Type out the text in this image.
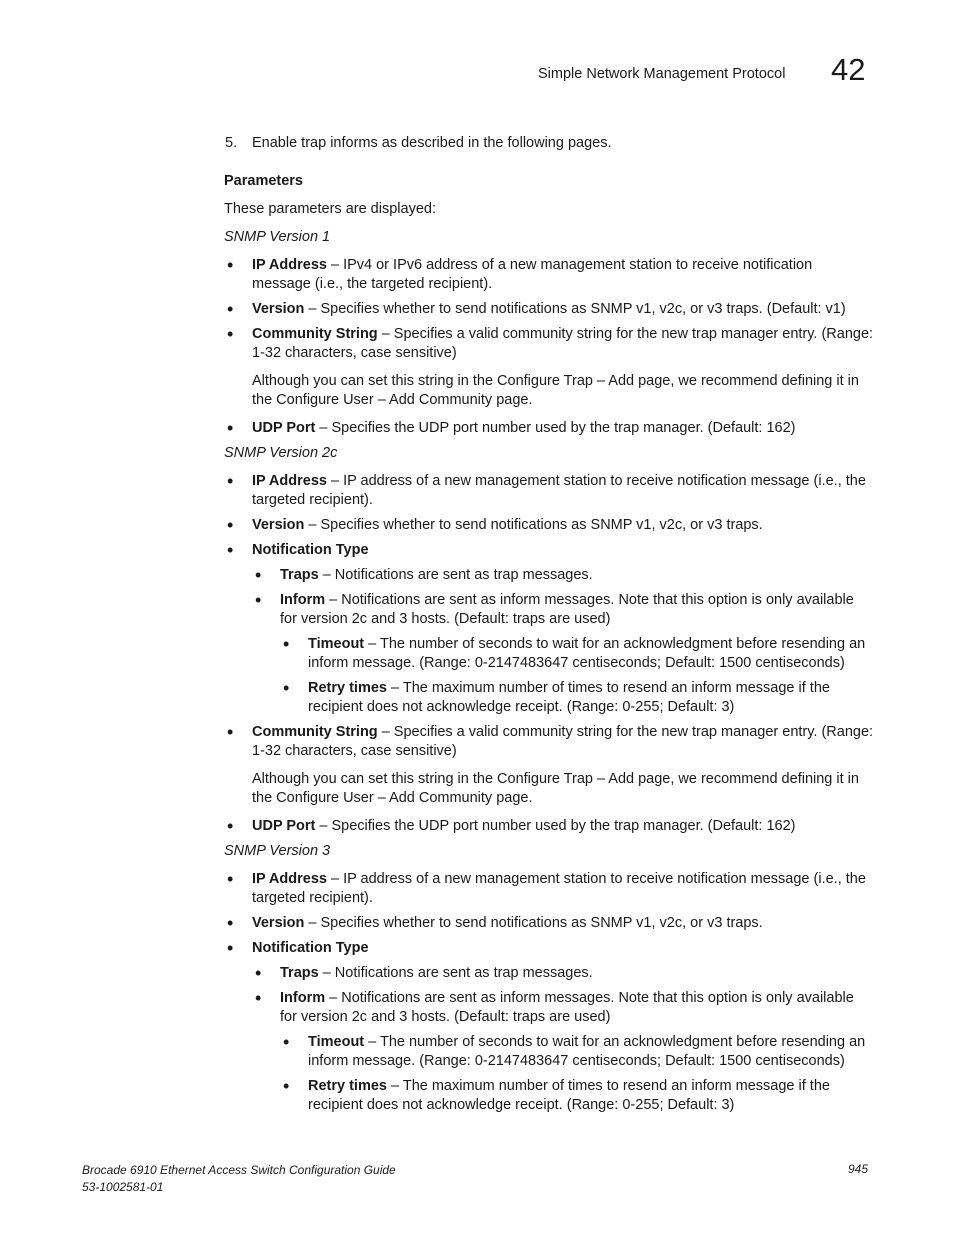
Simple Network Management Protocol 42
5. Enable trap informs as described in the following pages.
Parameters
These parameters are displayed:
SNMP Version 1
• IP Address – IPv4 or IPv6 address of a new management station to receive notification message (i.e., the targeted recipient).
• Version – Specifies whether to send notifications as SNMP v1, v2c, or v3 traps. (Default: v1)
• Community String – Specifies a valid community string for the new trap manager entry. (Range: 1-32 characters, case sensitive)
Although you can set this string in the Configure Trap – Add page, we recommend defining it in the Configure User – Add Community page.
• UDP Port – Specifies the UDP port number used by the trap manager. (Default: 162)
SNMP Version 2c
• IP Address – IP address of a new management station to receive notification message (i.e., the targeted recipient).
• Version – Specifies whether to send notifications as SNMP v1, v2c, or v3 traps.
• Notification Type
• Traps – Notifications are sent as trap messages.
• Inform – Notifications are sent as inform messages. Note that this option is only available for version 2c and 3 hosts. (Default: traps are used)
• Timeout – The number of seconds to wait for an acknowledgment before resending an inform message. (Range: 0-2147483647 centiseconds; Default: 1500 centiseconds)
• Retry times – The maximum number of times to resend an inform message if the recipient does not acknowledge receipt. (Range: 0-255; Default: 3)
• Community String – Specifies a valid community string for the new trap manager entry. (Range: 1-32 characters, case sensitive)
Although you can set this string in the Configure Trap – Add page, we recommend defining it in the Configure User – Add Community page.
• UDP Port – Specifies the UDP port number used by the trap manager. (Default: 162)
SNMP Version 3
• IP Address – IP address of a new management station to receive notification message (i.e., the targeted recipient).
• Version – Specifies whether to send notifications as SNMP v1, v2c, or v3 traps.
• Notification Type
• Traps – Notifications are sent as trap messages.
• Inform – Notifications are sent as inform messages. Note that this option is only available for version 2c and 3 hosts. (Default: traps are used)
• Timeout – The number of seconds to wait for an acknowledgment before resending an inform message. (Range: 0-2147483647 centiseconds; Default: 1500 centiseconds)
• Retry times – The maximum number of times to resend an inform message if the recipient does not acknowledge receipt. (Range: 0-255; Default: 3)
Brocade 6910 Ethernet Access Switch Configuration Guide
53-1002581-01
945
